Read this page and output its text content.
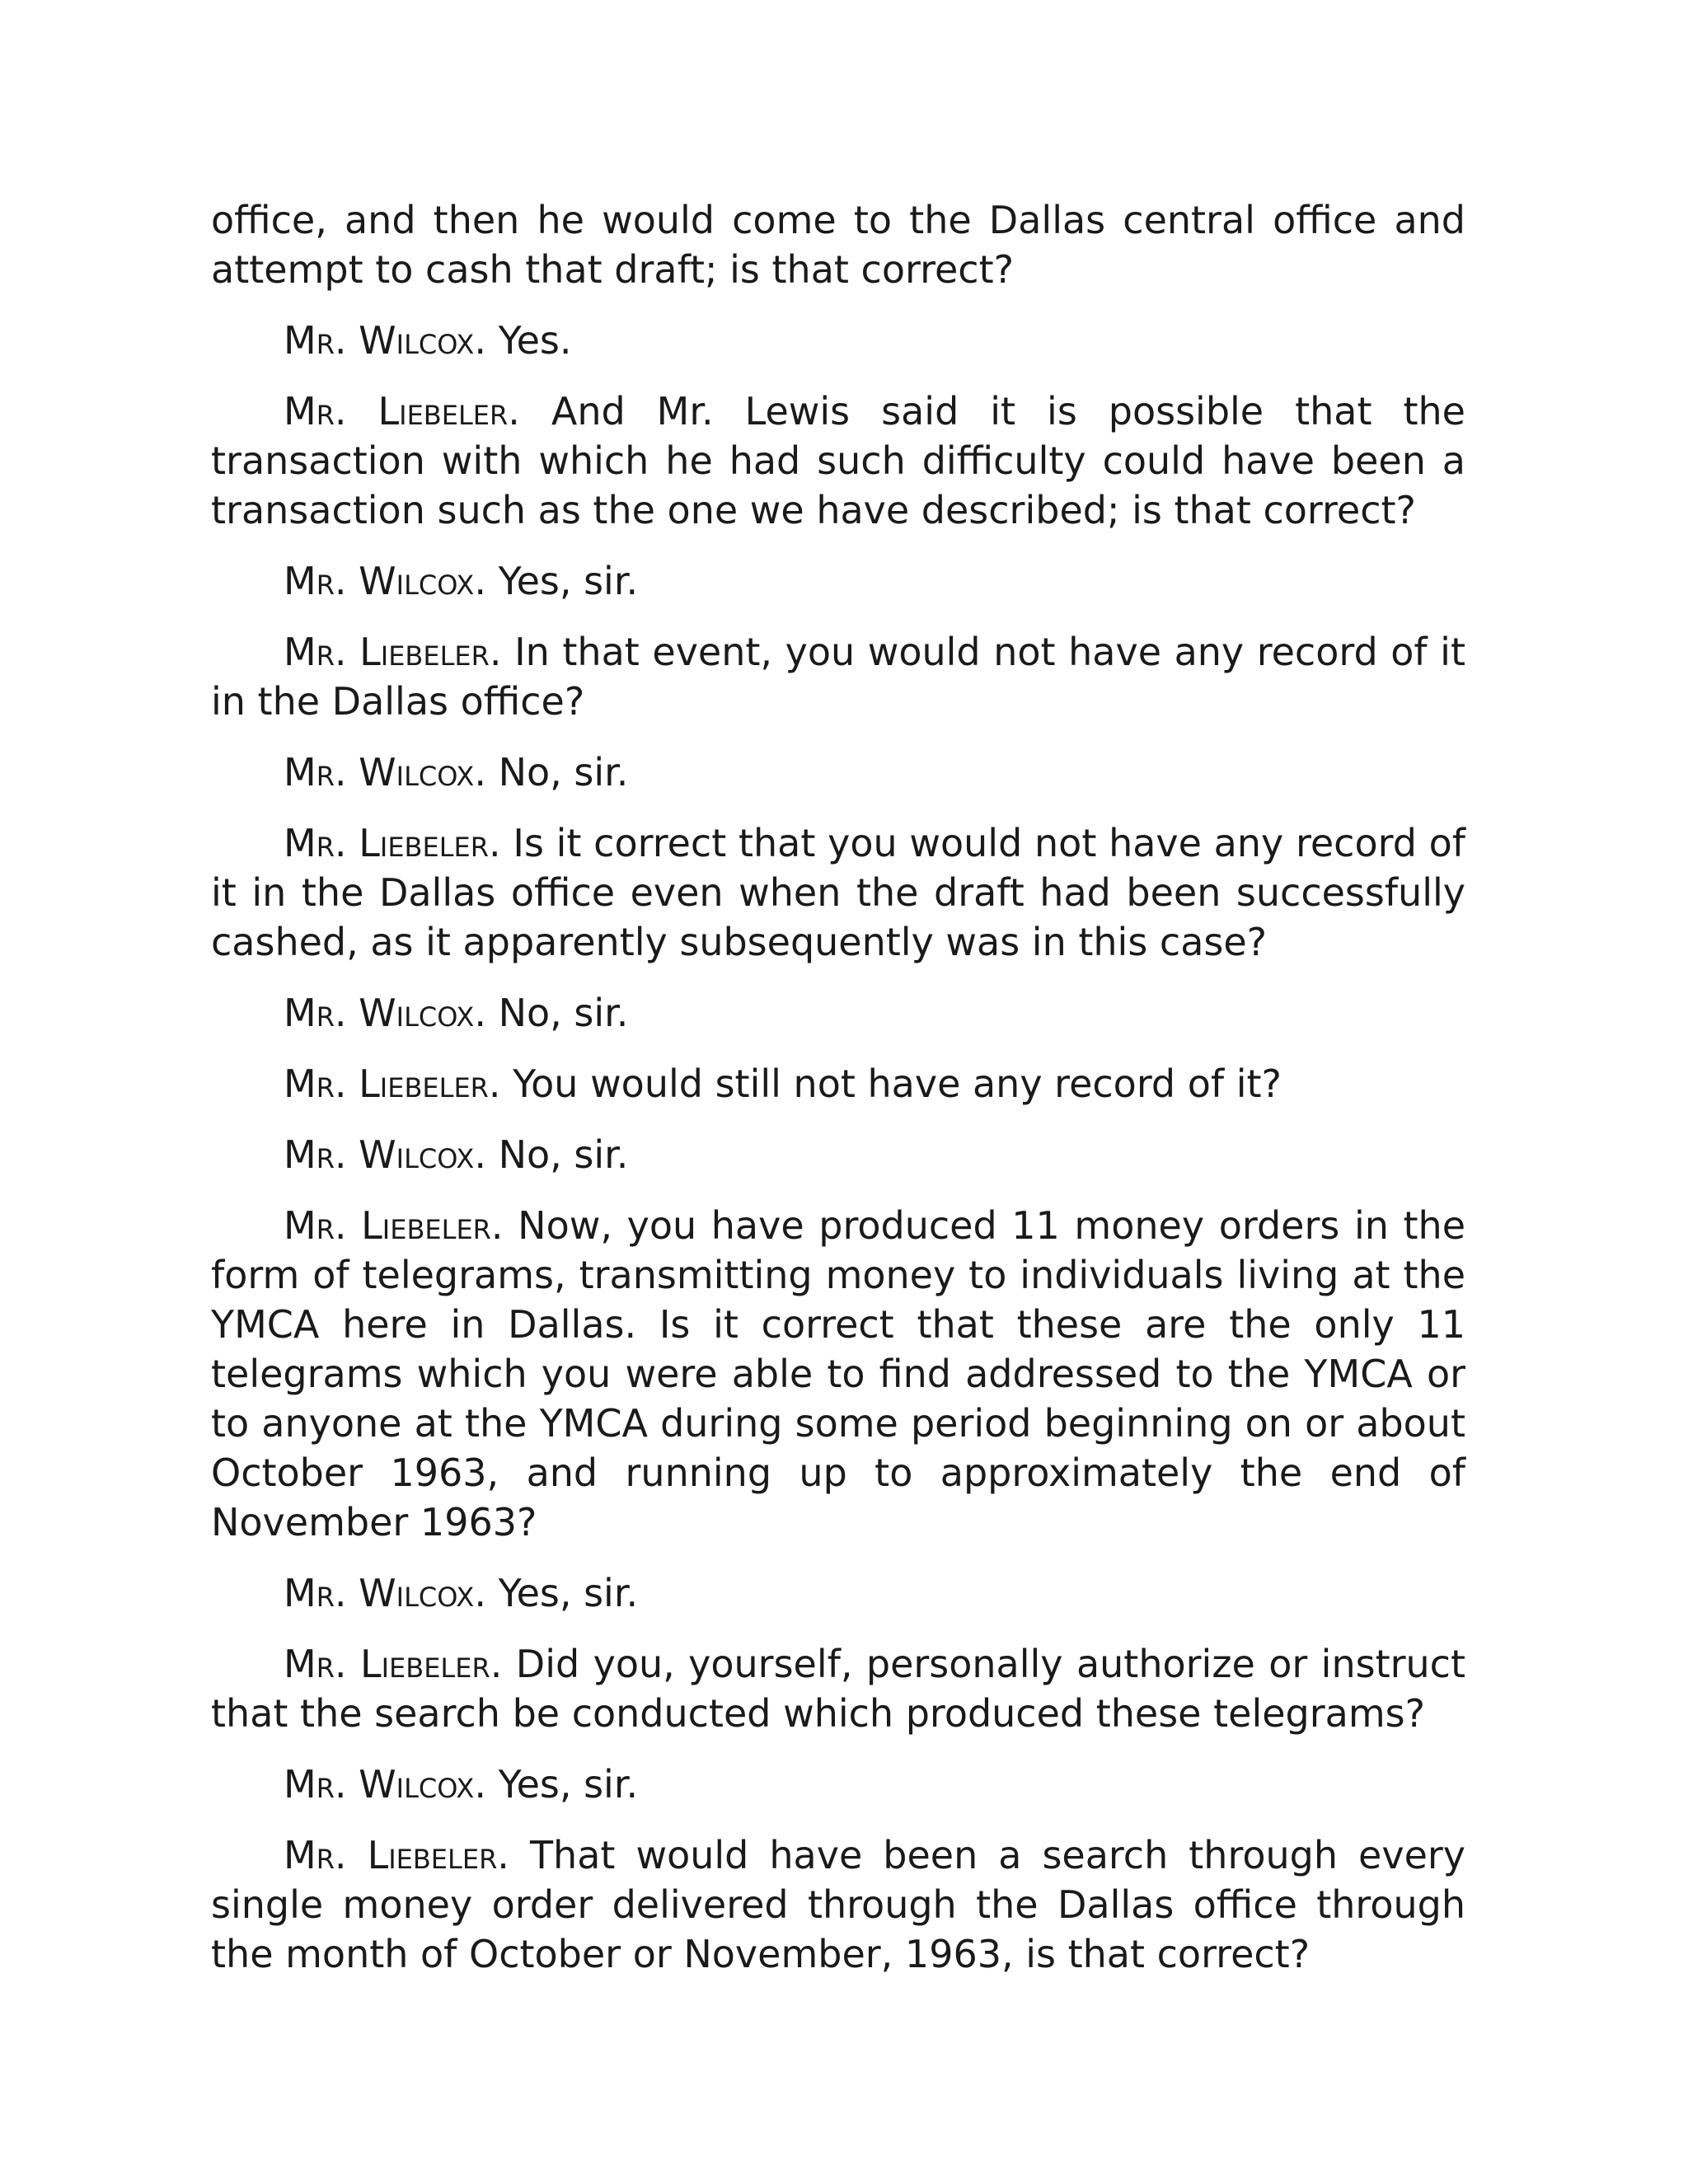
office, and then he would come to the Dallas central office and attempt to cash that draft; is that correct?

Mr. Wilcox. Yes.

Mr. Liebeler. And Mr. Lewis said it is possible that the transaction with which he had such difficulty could have been a transaction such as the one we have described; is that correct?

Mr. Wilcox. Yes, sir.

Mr. Liebeler. In that event, you would not have any record of it in the Dallas office?

Mr. Wilcox. No, sir.

Mr. Liebeler. Is it correct that you would not have any record of it in the Dallas office even when the draft had been successfully cashed, as it apparently subsequently was in this case?

Mr. Wilcox. No, sir.

Mr. Liebeler. You would still not have any record of it?

Mr. Wilcox. No, sir.

Mr. Liebeler. Now, you have produced 11 money orders in the form of telegrams, transmitting money to individuals living at the YMCA here in Dallas. Is it correct that these are the only 11 telegrams which you were able to find addressed to the YMCA or to anyone at the YMCA during some period beginning on or about October 1963, and running up to approximately the end of November 1963?

Mr. Wilcox. Yes, sir.

Mr. Liebeler. Did you, yourself, personally authorize or instruct that the search be conducted which produced these telegrams?

Mr. Wilcox. Yes, sir.

Mr. Liebeler. That would have been a search through every single money order delivered through the Dallas office through the month of October or November, 1963, is that correct?
